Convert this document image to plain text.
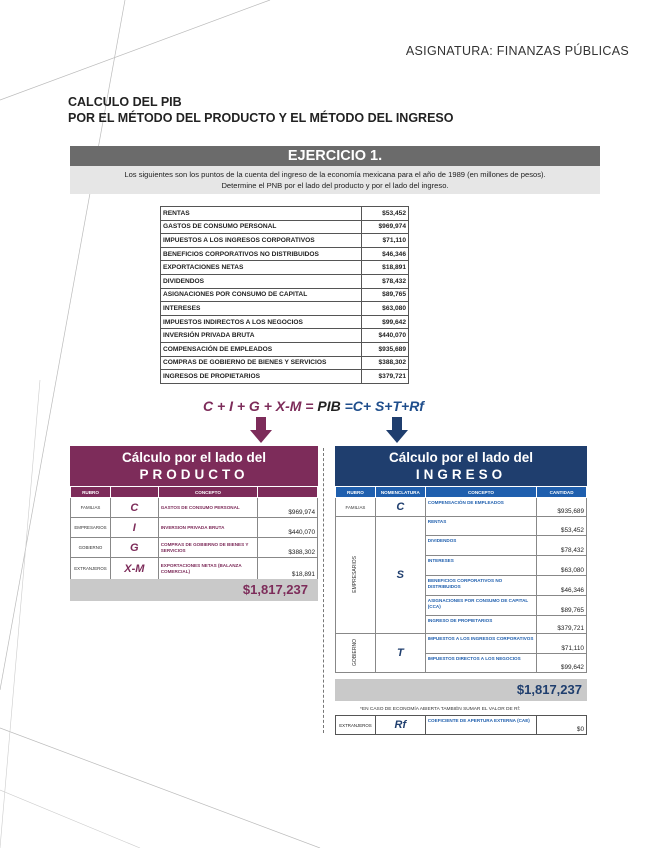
ASIGNATURA: FINANZAS PÚBLICAS
CALCULO DEL PIB
POR EL MÉTODO DEL PRODUCTO Y EL MÉTODO DEL INGRESO
EJERCICIO 1.
Los siguientes son los puntos de la cuenta del ingreso de la economía mexicana para el año de 1989 (en millones de pesos).
Determine el PNB por el lado del producto y por el lado del ingreso.
RENTAS	$53,452
GASTOS DE CONSUMO PERSONAL	$969,974
IMPUESTOS A LOS INGRESOS CORPORATIVOS	$71,110
BENEFICIOS CORPORATIVOS NO DISTRIBUIDOS	$46,346
EXPORTACIONES NETAS	$18,891
DIVIDENDOS	$78,432
ASIGNACIONES POR CONSUMO DE CAPITAL	$89,765
INTERESES	$63,080
IMPUESTOS INDIRECTOS A LOS NEGOCIOS	$99,642
INVERSIÓN PRIVADA BRUTA	$440,070
COMPENSACIÓN DE EMPLEADOS	$935,689
COMPRAS DE GOBIERNO DE BIENES Y SERVICIOS	$388,302
INGRESOS DE PROPIETARIOS	$379,721
C + I + G + X-M = PIB =C+ S+T+Rf
Cálculo por el lado del
PRODUCTO
RUBRO		CONCEPTO	
FAMILIAS	C	GASTOS DE CONSUMO PERSONAL	$969,974
EMPRESARIOS	I	INVERSION PRIVADA BRUTA	$440,070
GOBIERNO	G	COMPRAS DE GOBIERNO DE BIENES Y SERVICIOS	$388,302
EXTRANJEROS	X-M	EXPORTACIONES NETAS (BALANZA COMERCIAL)	$18,891
$1,817,237
Cálculo por el lado del
INGRESO
RUBRO	NOMENCLATURA	CONCEPTO	CANTIDAD
FAMILIAS	C	COMPENSACIÓN DE EMPLEADOS	$935,689
EMPRESARIOS	S	RENTAS	$53,452
		DIVIDENDOS	$78,432
		INTERESES	$63,080
		BENEFICIOS CORPORATIVOS NO DISTRIBUIDOS	$46,346
		ASIGNACIONES POR CONSUMO DE CAPITAL (CCA)	$89,765
		INGRESO DE PROPIETARIOS	$379,721
GOBIERNO	T	IMPUESTOS A LOS INGRESOS CORPORATIVOS	$71,110
		IMPUESTOS DIRECTOS A LOS NEGOCIOS	$99,642
$1,817,237
*EN CASO DE ECONOMÍA ABIERTA TAMBIÉN SUMAR EL VALOR DE Rf:
EXTRANJEROS	Rf	COEFICIENTE DE APERTURA EXTERNA (CAE)	$0
